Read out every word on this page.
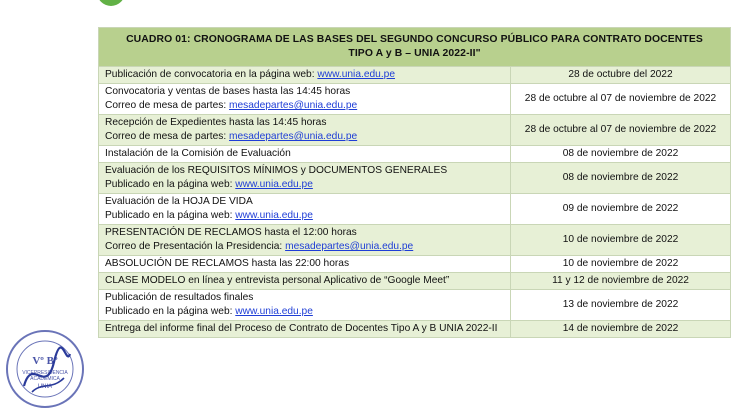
CUADRO 01: CRONOGRAMA DE LAS BASES DEL SEGUNDO CONCURSO PÚBLICO PARA CONTRATO DOCENTES
TIPO A y B – UNIA 2022-II"	

Publicación de convocatoria en la página web: www.unia.edu.pe	28 de octubre del 2022

Convocatoria y ventas de bases hasta las 14:45 horas
Correo de mesa de partes: mesadepartes@unia.edu.pe	28 de octubre al 07 de noviembre de 2022

Recepción de Expedientes hasta las 14:45 horas
Correo de mesa de partes: mesadepartes@unia.edu.pe	28 de octubre al 07 de noviembre de 2022

Instalación de la Comisión de Evaluación	08 de noviembre de 2022

Evaluación de los REQUISITOS MÍNIMOS y DOCUMENTOS GENERALES
Publicado en la página web: www.unia.edu.pe	08 de noviembre de 2022

Evaluación de la HOJA DE VIDA
Publicado en la página web: www.unia.edu.pe	09 de noviembre de 2022

PRESENTACIÓN DE RECLAMOS hasta el 12:00 horas
Correo de Presentación la Presidencia: mesadepartes@unia.edu.pe	10 de noviembre de 2022

ABSOLUCIÓN DE RECLAMOS hasta las 22:00 horas	10 de noviembre de 2022

CLASE MODELO en línea y entrevista personal Aplicativo de “Google Meet”	11 y 12 de noviembre de 2022

Publicación de resultados finales
Publicado en la página web: www.unia.edu.pe	13 de noviembre de 2022

Entrega del informe final del Proceso de Contrato de Docentes Tipo A y B UNIA 2022-II	14 de noviembre de 2022
Vº Bº
VICEPRESIDENCIA
ACADEMICA
UNIA
